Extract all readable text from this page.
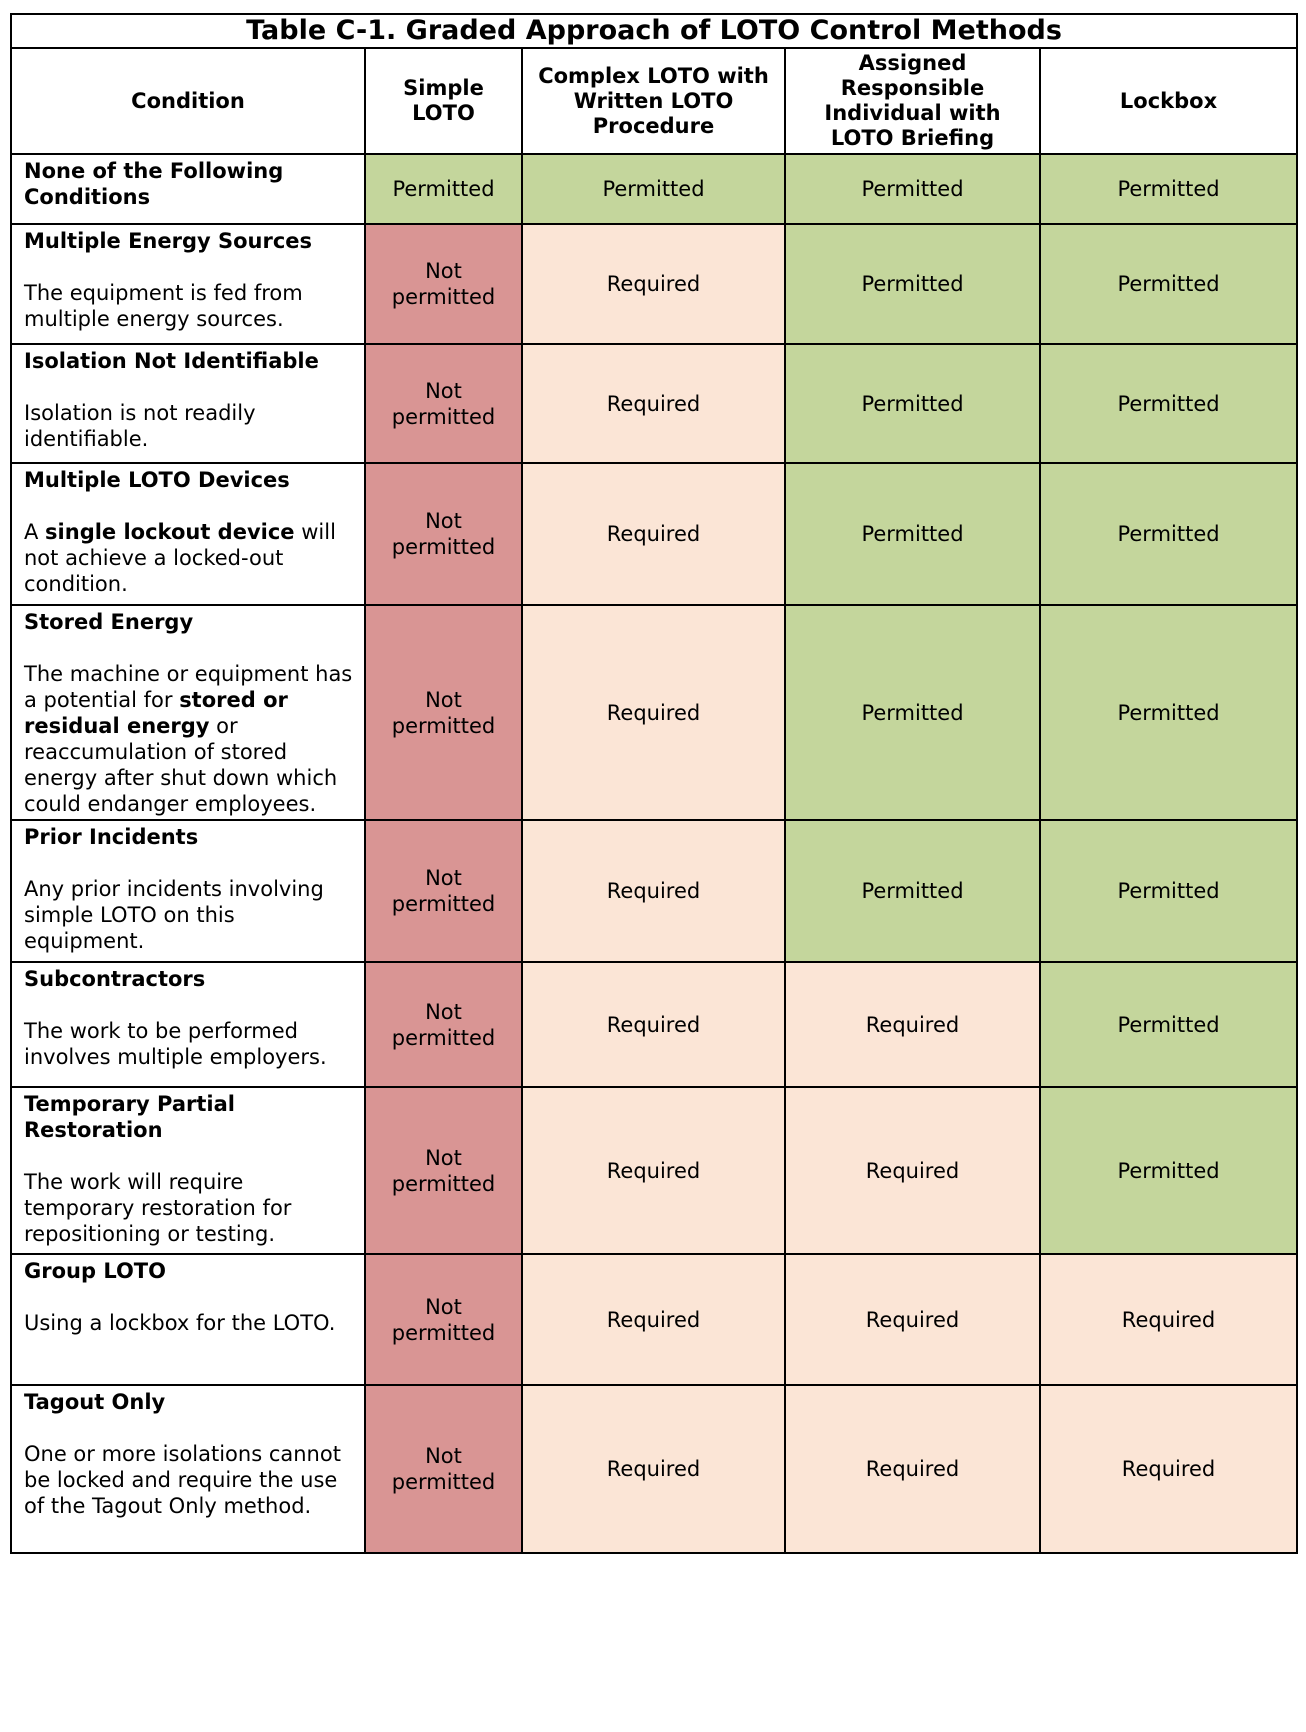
Table C-1. Graded Approach of LOTO Control Methods				
Condition	Simple LOTO	Complex LOTO with Written LOTO Procedure	Assigned Responsible Individual with LOTO Briefing	Lockbox

None of the Following Conditions	Permitted	Permitted	Permitted	Permitted

Multiple Energy Sources
The equipment is fed from multiple energy sources.	Not permitted	Required	Permitted	Permitted

Isolation Not Identifiable
Isolation is not readily identifiable.	Not permitted	Required	Permitted	Permitted

Multiple LOTO Devices
A single lockout device will not achieve a locked-out condition.	Not permitted	Required	Permitted	Permitted

Stored Energy
The machine or equipment has a potential for stored or residual energy or reaccumulation of stored energy after shut down which could endanger employees.	Not permitted	Required	Permitted	Permitted

Prior Incidents
Any prior incidents involving simple LOTO on this equipment.	Not permitted	Required	Permitted	Permitted

Subcontractors
The work to be performed involves multiple employers.	Not permitted	Required	Required	Permitted

Temporary Partial Restoration
The work will require temporary restoration for repositioning or testing.	Not permitted	Required	Required	Permitted

Group LOTO
Using a lockbox for the LOTO.	Not permitted	Required	Required	Required

Tagout Only
One or more isolations cannot be locked and require the use of the Tagout Only method.	Not permitted	Required	Required	Required
